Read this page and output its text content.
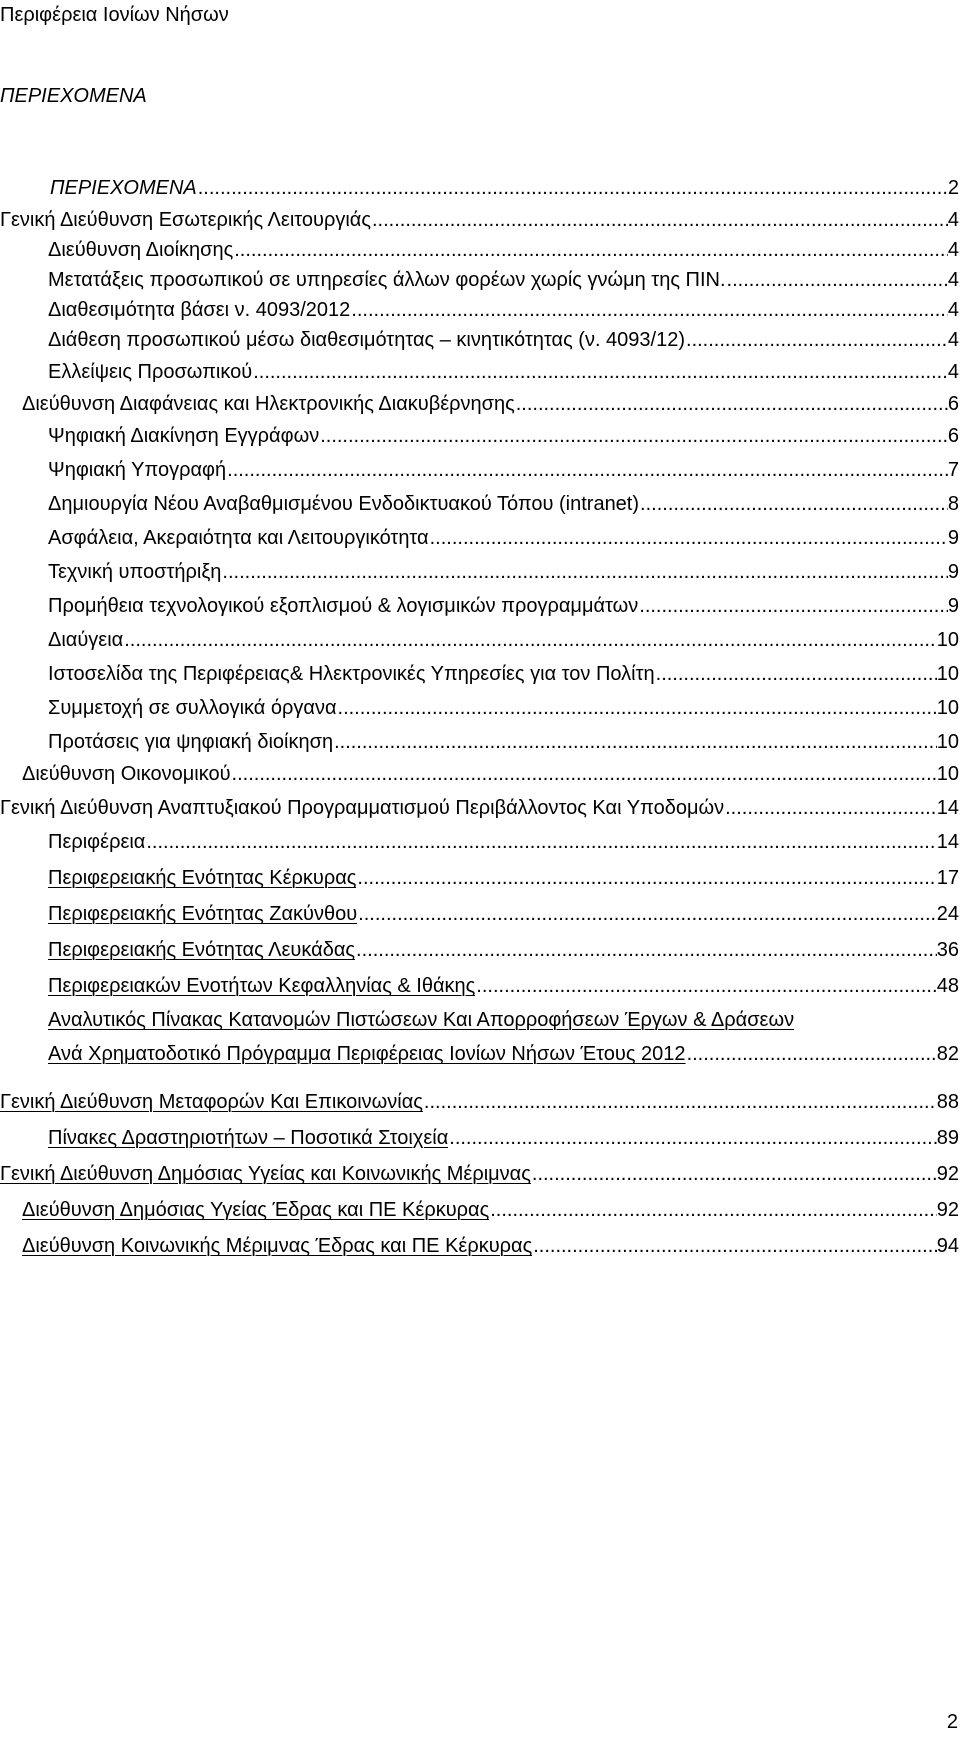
Περιφέρεια Ιονίων Νήσων
ΠΕΡΙΕΧΟΜΕΝΑ
ΠΕΡΙΕΧΟΜΕΝΑ .....	2
Γενική Διεύθυνση Εσωτερικής Λειτουργιάς .....	4
Διεύθυνση Διοίκησης .....	4
Μετατάξεις προσωπικού σε υπηρεσίες άλλων φορέων χωρίς γνώμη της ΠΙΝ. .....	4
Διαθεσιμότητα βάσει ν. 4093/2012 .....	4
Διάθεση προσωπικού μέσω διαθεσιμότητας – κινητικότητας (ν. 4093/12) .....	4
Ελλείψεις Προσωπικού .....	4
Διεύθυνση Διαφάνειας και Ηλεκτρονικής Διακυβέρνησης .....	6
Ψηφιακή Διακίνηση Εγγράφων .....	6
Ψηφιακή Υπογραφή .....	7
Δημιουργία Νέου Αναβαθμισμένου Ενδοδικτυακού Τόπου (intranet) .....	8
Ασφάλεια, Ακεραιότητα και Λειτουργικότητα .....	9
Τεχνική υποστήριξη .....	9
Προμήθεια τεχνολογικού εξοπλισμού & λογισμικών προγραμμάτων .....	9
Διαύγεια .....	10
Ιστοσελίδα της Περιφέρειας& Ηλεκτρονικές Υπηρεσίες για τον Πολίτη .....	10
Συμμετοχή σε συλλογικά όργανα .....	10
Προτάσεις για ψηφιακή διοίκηση .....	10
Διεύθυνση Οικονομικού .....	10
Γενική Διεύθυνση Αναπτυξιακού Προγραμματισμού Περιβάλλοντος Και Υποδομών .....	14
Περιφέρεια .....	14
Περιφερειακής Ενότητας Κέρκυρας .....	17
Περιφερειακής Ενότητας Ζακύνθου .....	24
Περιφερειακής Ενότητας Λευκάδας .....	36
Περιφερειακών Ενοτήτων Κεφαλληνίας & Ιθάκης .....	48
Αναλυτικός Πίνακας Κατανομών Πιστώσεων Και Απορροφήσεων Έργων & Δράσεων
Ανά Χρηματοδοτικό Πρόγραμμα Περιφέρειας Ιονίων Νήσων Έτους 2012 .....	82
Γενική Διεύθυνση Μεταφορών Και Επικοινωνίας .....	88
Πίνακες Δραστηριοτήτων – Ποσοτικά Στοιχεία .....	89
Γενική Διεύθυνση Δημόσιας Υγείας και Κοινωνικής Μέριμνας .....	92
Διεύθυνση Δημόσιας Υγείας Έδρας και ΠΕ Κέρκυρας .....	92
Διεύθυνση Κοινωνικής Μέριμνας Έδρας και ΠΕ Κέρκυρας .....	94
2
